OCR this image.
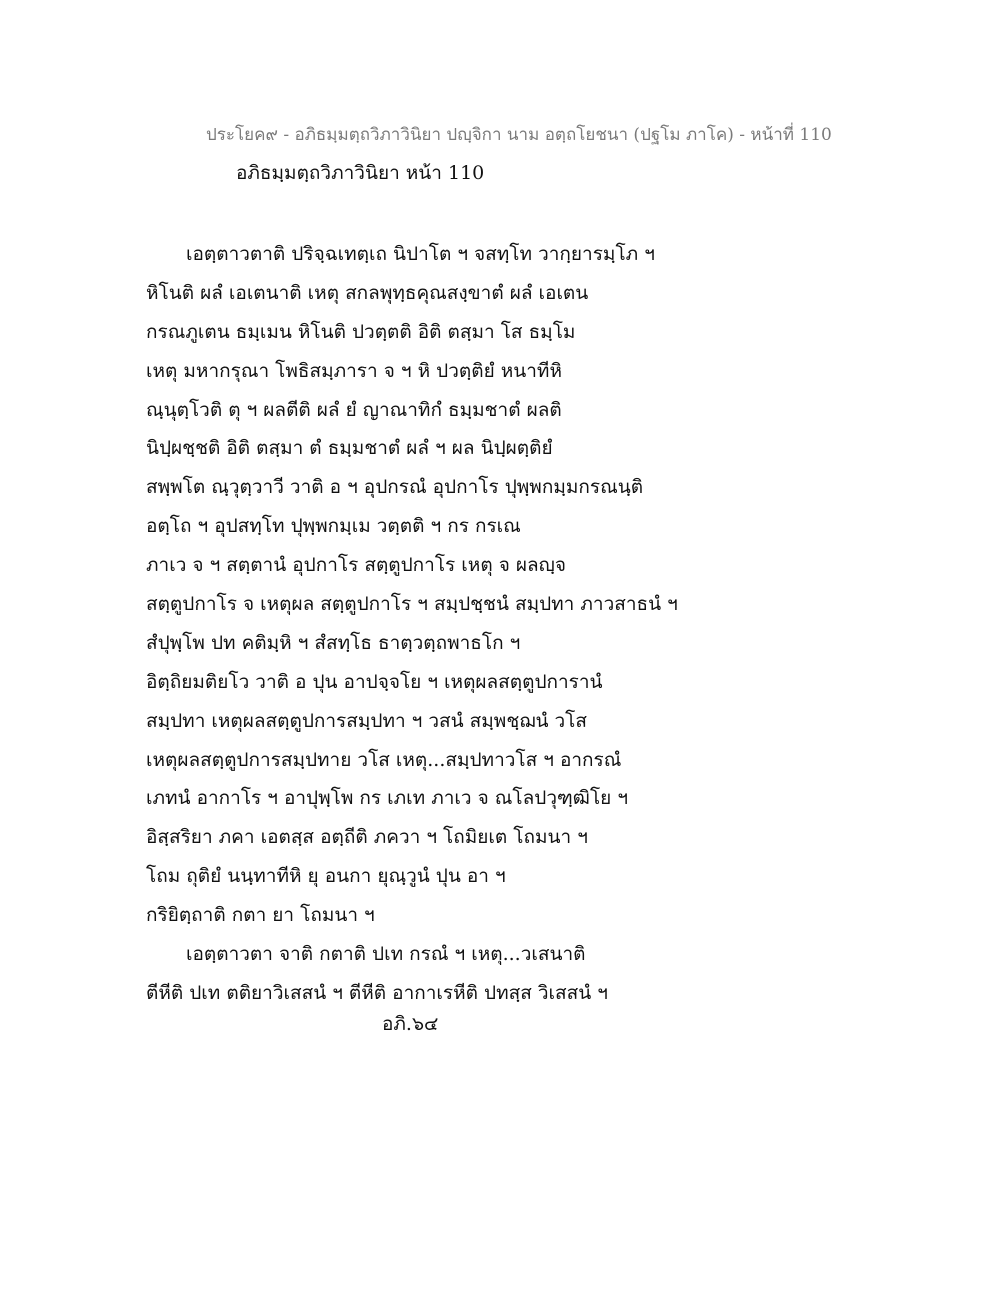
ประโยค๙ - อภิธมฺมตฺถวิภาวินิยา ปญฺจิกา นาม อตฺถโยชนา (ปฐโม ภาโค) - หน้าที่ 110
อภิธมฺมตฺถวิภาวินิยา หน้า 110
เอตฺตาวตาติ ปริจฺฉเทตฺเถ นิปาโต ฯ จสทฺโท วากฺยารมฺโภ ฯ
หิโนติ ผลํ เอเตนาติ เหตุ สกลพุทฺธคุณสงฺขาตํ ผลํ เอเตน
กรณภูเตน ธมฺเมน หิโนติ ปวตฺตติ อิติ ตสฺมา โส ธมฺโม
เหตุ มหากรุณา โพธิสมฺภารา จ ฯ หิ ปวตฺติยํ หนาทีหิ
ณฺนุตฺโวติ ตุ ฯ ผลตีติ ผลํ ยํ ญาณาทิกํ ธมฺมชาตํ ผลติ
นิปฺผชฺชติ อิติ ตสฺมา ตํ ธมฺมชาตํ ผลํ ฯ ผล นิปฺผตฺติยํ
สพฺพโต ณฺวุตฺวาวี วาติ อ ฯ อุปกรณํ อุปกาโร ปุพฺพกมฺมกรณนฺติ
อตฺโถ ฯ อุปสทฺโท ปุพฺพกมฺเม วตฺตติ ฯ กร กรเณ
ภาเว จ ฯ สตฺตานํ อุปกาโร สตฺตูปกาโร เหตุ จ ผลญฺจ
สตฺตูปกาโร จ เหตุผล สตฺตูปกาโร ฯ สมฺปชฺชนํ สมฺปทา ภาวสาธนํ ฯ
สํปุพฺโพ ปท คติมฺหิ ฯ สํสทฺโธ ธาตฺวตฺถพาธโก ฯ
อิตฺถิยมติยโว วาติ อ ปุน อาปจฺจโย ฯ เหตุผลสตฺตูปการานํ
สมฺปทา เหตุผลสตฺตูปการสมฺปทา ฯ วสนํ สมฺพชฺฌนํ วโส
เหตุผลสตฺตูปการสมฺปทาย วโส เหตุ...สมฺปทาวโส ฯ อากรณํ
เภทนํ อากาโร ฯ อาปุพฺโพ กร เภเท ภาเว จ ณโลปวุฑฺฒิโย ฯ
อิสฺสริยา ภคา เอตสฺส อตฺถีติ ภควา ฯ โถมิยเต โถมนา ฯ
โถม ถุติยํ นนฺทาทีหิ ยุ อนกา ยุณฺวูนํ ปุน อา ฯ
กริยิตฺถาติ กตา ยา โถมนา ฯ
เอตฺตาวตา จาติ กตาติ ปเท กรณํ ฯ เหตุ...วเสนาติ
ตีหีติ ปเท ตติยาวิเสสนํ ฯ ตีหีติ อากาเรหีติ ปทสฺส วิเสสนํ ฯ
อภิ.๖๔
